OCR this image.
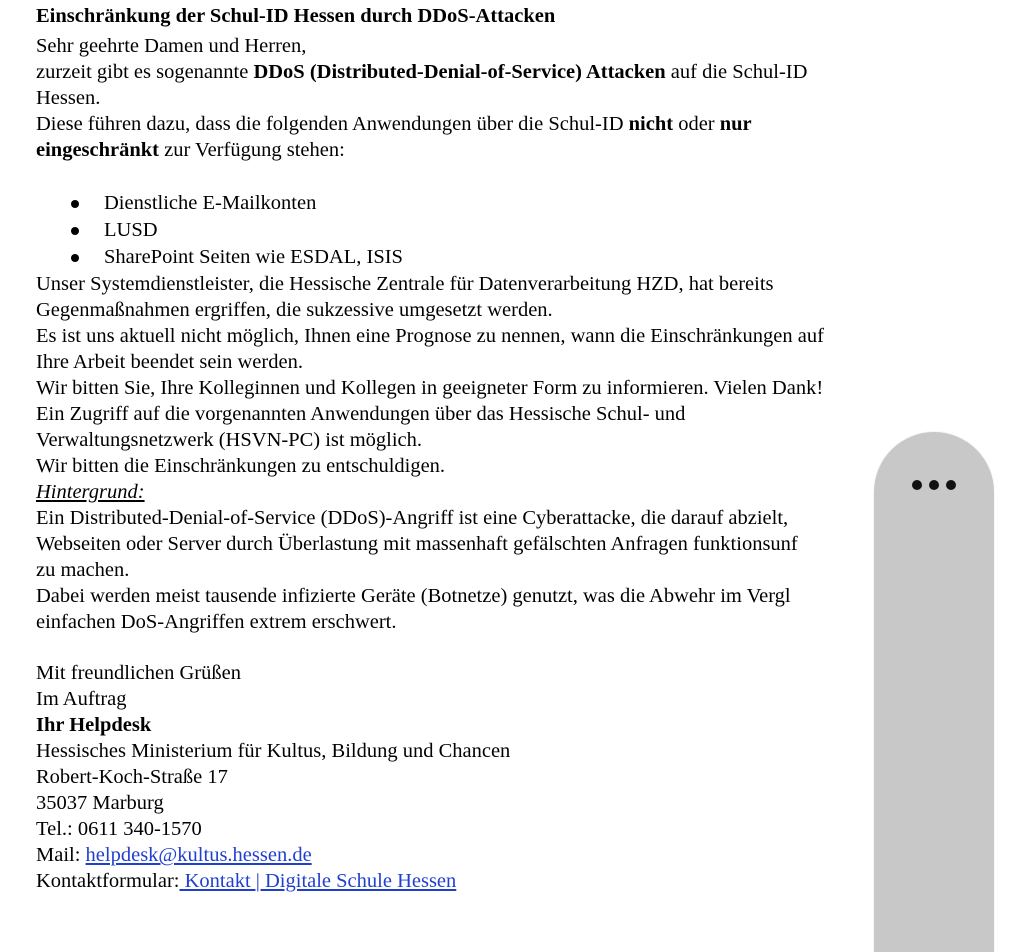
Einschränkung der Schul-ID Hessen durch DDoS-Attacken

Sehr geehrte Damen und Herren,

zurzeit gibt es sogenannte DDoS (Distributed-Denial-of-Service) Attacken auf die Schul-ID

Hessen.

Diese führen dazu, dass die folgenden Anwendungen über die Schul-ID nicht oder nur

eingeschränkt zur Verfügung stehen:

Dienstliche E-Mailkonten

LUSD

SharePoint Seiten wie ESDAL, ISIS

Unser Systemdienstleister, die Hessische Zentrale für Datenverarbeitung HZD, hat bereits

Gegenmaßnahmen ergriffen, die sukzessive umgesetzt werden.

Es ist uns aktuell nicht möglich, Ihnen eine Prognose zu nennen, wann die Einschränkungen auf

Ihre Arbeit beendet sein werden.

Wir bitten Sie, Ihre Kolleginnen und Kollegen in geeigneter Form zu informieren. Vielen Dank!

Ein Zugriff auf die vorgenannten Anwendungen über das Hessische Schul- und

Verwaltungsnetzwerk (HSVN-PC) ist möglich.

Wir bitten die Einschränkungen zu entschuldigen.

Hintergrund:

Ein Distributed-Denial-of-Service (DDoS)-Angriff ist eine Cyberattacke, die darauf abzielt,

Webseiten oder Server durch Überlastung mit massenhaft gefälschten Anfragen funktionsunf

zu machen.

Dabei werden meist tausende infizierte Geräte (Botnetze) genutzt, was die Abwehr im Vergl

einfachen DoS-Angriffen extrem erschwert.

Mit freundlichen Grüßen

Im Auftrag

Ihr Helpdesk

Hessisches Ministerium für Kultus, Bildung und Chancen

Robert-Koch-Straße 17

35037 Marburg

Tel.: 0611 340-1570

Mail: helpdesk@kultus.hessen.de

Kontaktformular: Kontakt | Digitale Schule Hessen
